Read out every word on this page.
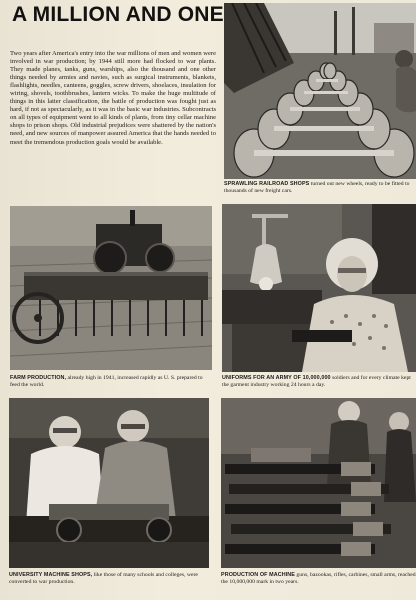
A MILLION AND ONE

Two years after America's entry into the war millions of men and women were involved in war production; by 1944 still more had flocked to war plants. They made planes, tanks, guns, warships, also the thousand and one other things needed by armies and navies, such as surgical instruments, blankets, flashlights, needles, canteens, goggles, screw drivers, shoelaces, insulation for wiring, shovels, toothbrushes, lantern wicks. To make the huge multitude of things in this latter classification, the battle of production was fought just as hard, if not as spectacularly, as it was in the basic war industries. Subcontracts on all types of equipment went to all kinds of plants, from tiny cellar machine shops to prison shops. Old industrial prejudices were shattered by the nation's need, and new sources of manpower assured America that the hands needed to meet the tremendous production goals would be available.

SPRAWLING RAILROAD SHOPS turned out new wheels, ready to be fitted to thousands of new freight cars.

FARM PRODUCTION, already high in 1941, increased rapidly as U. S. prepared to feed the world.

UNIFORMS FOR AN ARMY OF 10,000,000 soldiers and for every climate kept the garment industry working 24 hours a day.

UNIVERSITY MACHINE SHOPS, like those of many schools and colleges, were converted to war production.

PRODUCTION OF MACHINE guns, bazookas, rifles, carbines, small arms, reached the 10,000,000 mark in two years.
